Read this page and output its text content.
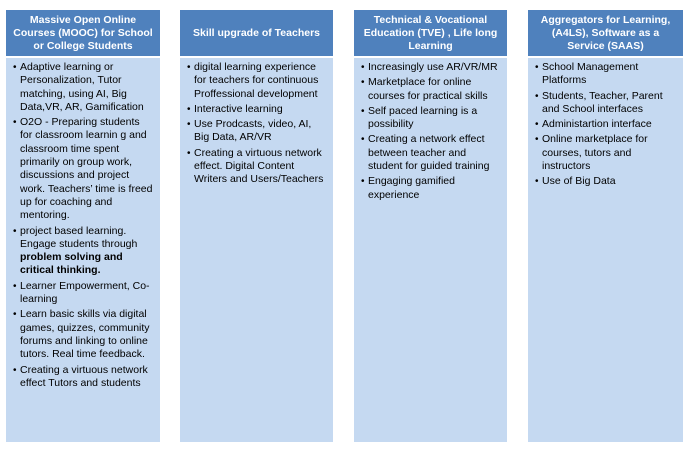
Massive Open Online Courses (MOOC) for School or College Students
• Adaptive learning or Personalization, Tutor matching, using AI, Big Data,VR, AR, Gamification
• O2O - Preparing students for classroom learnin g and classroom time spent primarily on group work, discussions and project work. Teachers’ time is freed up for coaching and mentoring.
• project based learning. Engage students through problem solving and critical thinking.
• Learner Empowerment, Co-learning
• Learn basic skills via digital games, quizzes, community forums and linking to online tutors. Real time feedback.
• Creating a virtuous network effect Tutors and students
Skill upgrade of Teachers
• digital learning experience for teachers for continuous Proffessional development
• Interactive learning
• Use Prodcasts, video, AI, Big Data, AR/VR
• Creating a virtuous network effect. Digital Content Writers and Users/Teachers
Technical & Vocational Education (TVE) , Life long Learning
• Increasingly use AR/VR/MR
• Marketplace for online courses for practical skills
• Self paced learning is a possibility
• Creating a network effect between teacher and student for guided training
• Engaging gamified experience
Aggregators for Learning, (A4LS), Software as a Service (SAAS)
• School Management Platforms
• Students, Teacher, Parent and School interfaces
• Administartion interface
• Online marketplace for courses, tutors and instructors
• Use of Big Data
